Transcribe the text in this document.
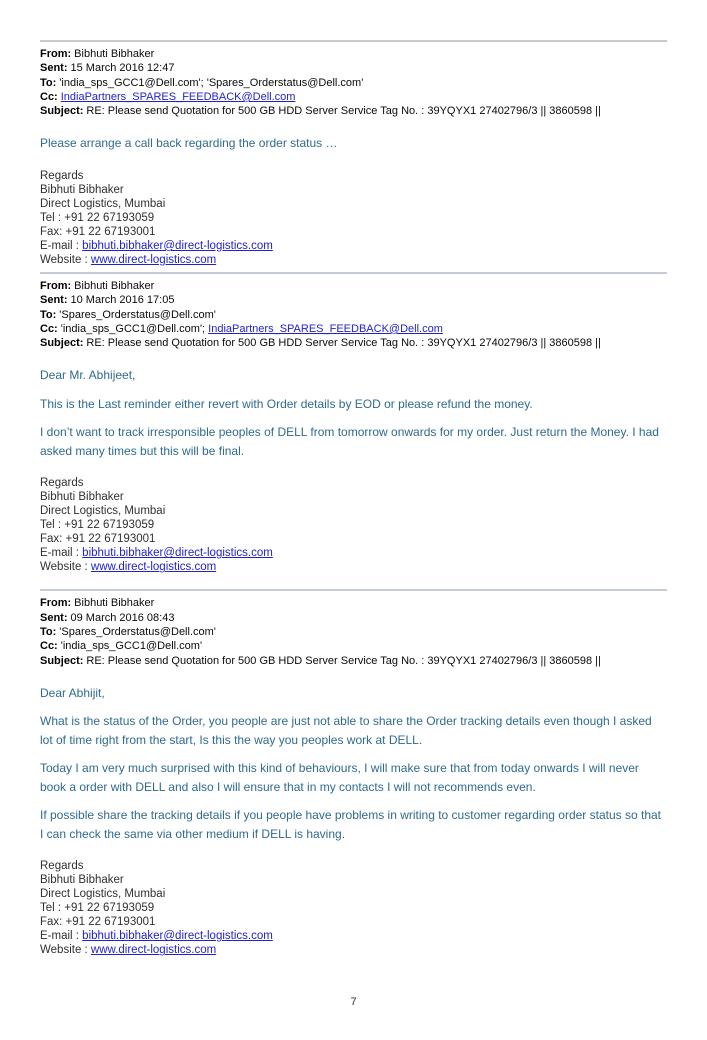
From: Bibhuti Bibhaker
Sent: 15 March 2016 12:47
To: 'india_sps_GCC1@Dell.com'; 'Spares_Orderstatus@Dell.com'
Cc: IndiaPartners_SPARES_FEEDBACK@Dell.com
Subject: RE: Please send Quotation for 500 GB HDD Server Service Tag No. : 39YQYX1 27402796/3 || 3860598 ||

Please arrange a call back regarding the order status …

Regards
Bibhuti Bibhaker
Direct Logistics, Mumbai
Tel : +91 22 67193059
Fax: +91 22 67193001
E-mail : bibhuti.bibhaker@direct-logistics.com
Website : www.direct-logistics.com
From: Bibhuti Bibhaker
Sent: 10 March 2016 17:05
To: 'Spares_Orderstatus@Dell.com'
Cc: 'india_sps_GCC1@Dell.com'; IndiaPartners_SPARES_FEEDBACK@Dell.com
Subject: RE: Please send Quotation for 500 GB HDD Server Service Tag No. : 39YQYX1 27402796/3 || 3860598 ||

Dear Mr. Abhijeet,

This is the Last reminder either revert with Order details by EOD or please refund the money.

I don’t want to track irresponsible peoples of DELL from tomorrow onwards for my order. Just return the Money. I had asked many times but this will be final.

Regards
Bibhuti Bibhaker
Direct Logistics, Mumbai
Tel : +91 22 67193059
Fax: +91 22 67193001
E-mail : bibhuti.bibhaker@direct-logistics.com
Website : www.direct-logistics.com
From: Bibhuti Bibhaker
Sent: 09 March 2016 08:43
To: 'Spares_Orderstatus@Dell.com'
Cc: 'india_sps_GCC1@Dell.com'
Subject: RE: Please send Quotation for 500 GB HDD Server Service Tag No. : 39YQYX1 27402796/3 || 3860598 ||

Dear Abhijit,

What is the status of the Order, you people are just not able to share the Order tracking details even though I asked lot of time right from the start, Is this the way you peoples work at DELL.

Today I am very much surprised with this kind of behaviours, I will make sure that from today onwards I will never book a order with DELL and also I will ensure that in my contacts I will not recommends even.

If possible share the tracking details if you people have problems in writing to customer regarding order status so that I can check the same via other medium if DELL is having.

Regards
Bibhuti Bibhaker
Direct Logistics, Mumbai
Tel : +91 22 67193059
Fax: +91 22 67193001
E-mail : bibhuti.bibhaker@direct-logistics.com
Website : www.direct-logistics.com
7
